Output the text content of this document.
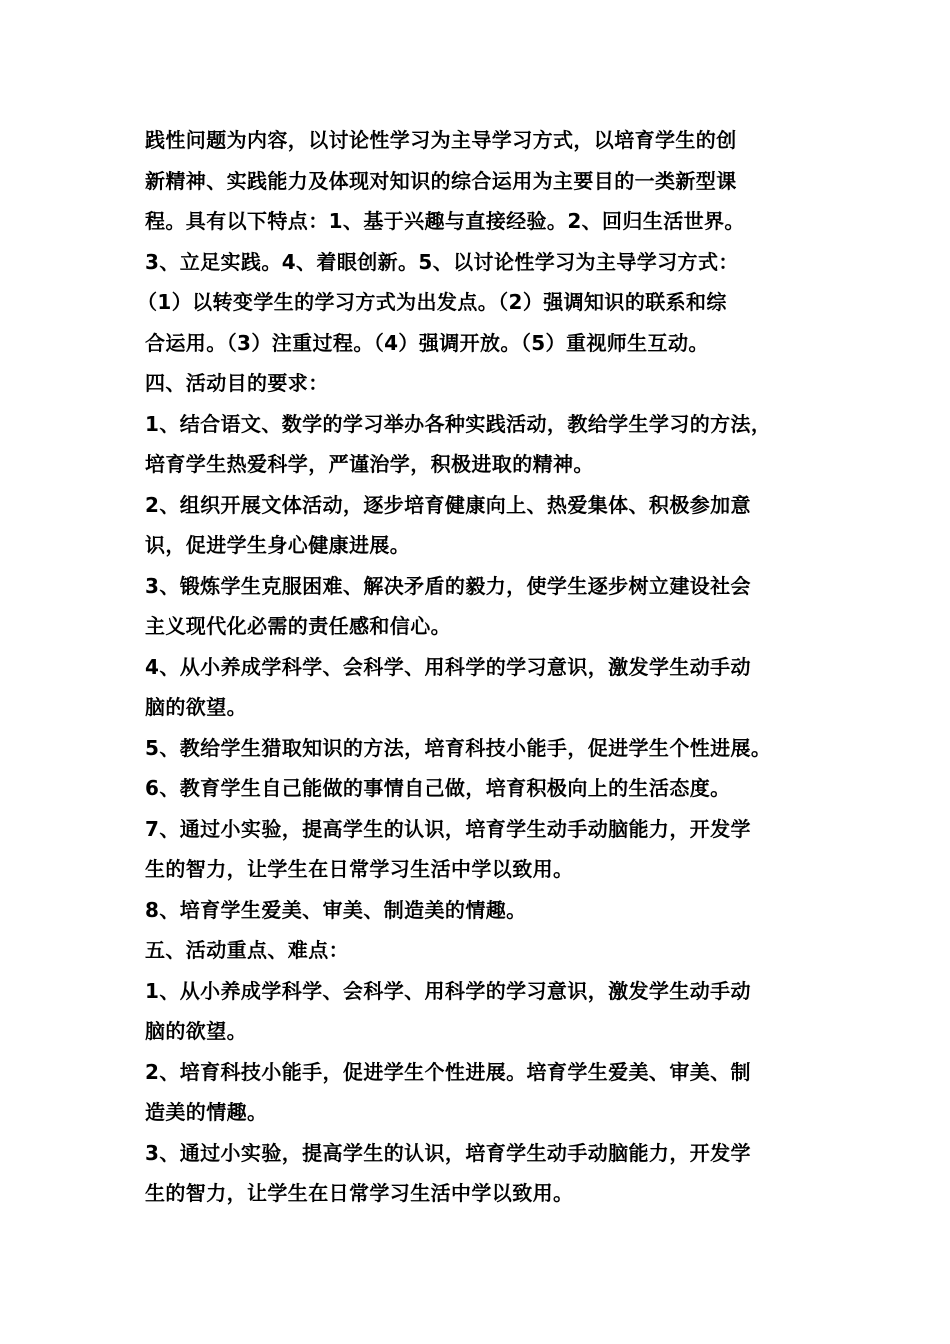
践性问题为内容，以讨论性学习为主导学习方式，以培育学生的创
新精神、实践能力及体现对知识的综合运用为主要目的一类新型课
程。具有以下特点：1、基于兴趣与直接经验。2、回归生活世界。
3、立足实践。4、着眼创新。5、以讨论性学习为主导学习方式：
（1）以转变学生的学习方式为出发点。（2）强调知识的联系和综
合运用。（3）注重过程。（4）强调开放。（5）重视师生互动。
四、活动目的要求：
1、结合语文、数学的学习举办各种实践活动，教给学生学习的方法，
培育学生热爱科学，严谨治学，积极进取的精神。
2、组织开展文体活动，逐步培育健康向上、热爱集体、积极参加意
识，促进学生身心健康进展。
3、锻炼学生克服困难、解决矛盾的毅力，使学生逐步树立建设社会
主义现代化必需的责任感和信心。
4、从小养成学科学、会科学、用科学的学习意识，激发学生动手动
脑的欲望。
5、教给学生猎取知识的方法，培育科技小能手，促进学生个性进展。
6、教育学生自己能做的事情自己做，培育积极向上的生活态度。
7、通过小实验，提高学生的认识，培育学生动手动脑能力，开发学
生的智力，让学生在日常学习生活中学以致用。
8、培育学生爱美、审美、制造美的情趣。
五、活动重点、难点：
1、从小养成学科学、会科学、用科学的学习意识，激发学生动手动
脑的欲望。
2、培育科技小能手，促进学生个性进展。培育学生爱美、审美、制
造美的情趣。
3、通过小实验，提高学生的认识，培育学生动手动脑能力，开发学
生的智力，让学生在日常学习生活中学以致用。
